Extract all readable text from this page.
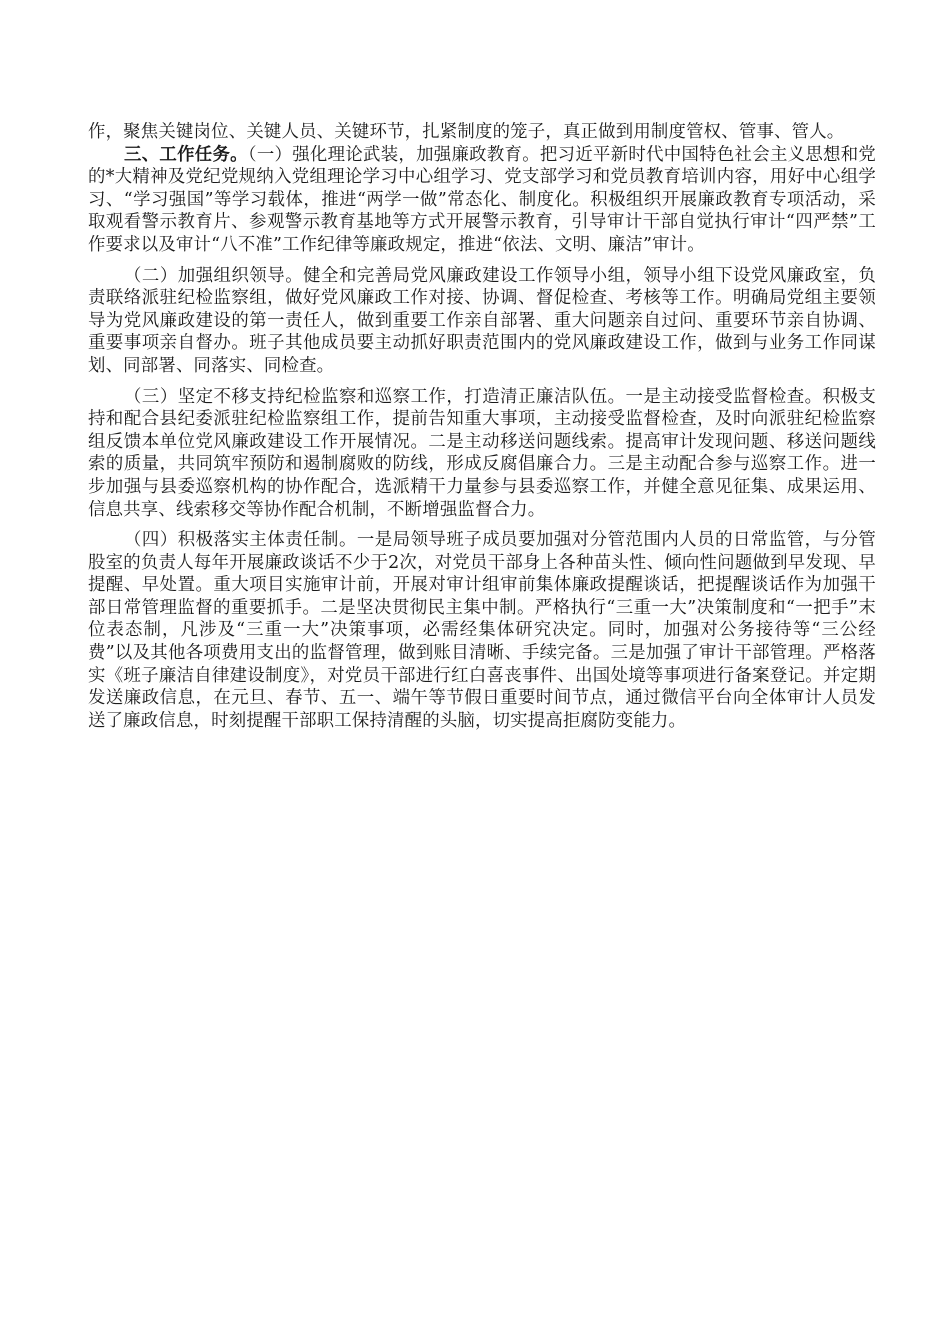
作，聚焦关键岗位、关键人员、关键环节，扎紧制度的笼子，真正做到用制度管权、管事、管人。

三、工作任务。（一）强化理论武装，加强廉政教育。把习近平新时代中国特色社会主义思想和党的*大精神及党纪党规纳入党组理论学习中心组学习、党支部学习和党员教育培训内容，用好中心组学习、“学习强国”等学习载体，推进“两学一做”常态化、制度化。积极组织开展廉政教育专项活动，采取观看警示教育片、参观警示教育基地等方式开展警示教育，引导审计干部自觉执行审计“四严禁”工作要求以及审计“八不准”工作纪律等廉政规定，推进“依法、文明、廉洁”审计。

（二）加强组织领导。健全和完善局党风廉政建设工作领导小组，领导小组下设党风廉政室，负责联络派驻纪检监察组，做好党风廉政工作对接、协调、督促检查、考核等工作。明确局党组主要领导为党风廉政建设的第一责任人，做到重要工作亲自部署、重大问题亲自过问、重要环节亲自协调、重要事项亲自督办。班子其他成员要主动抓好职责范围内的党风廉政建设工作，做到与业务工作同谋划、同部署、同落实、同检查。

（三）坚定不移支持纪检监察和巡察工作，打造清正廉洁队伍。一是主动接受监督检查。积极支持和配合县纪委派驻纪检监察组工作，提前告知重大事项，主动接受监督检查，及时向派驻纪检监察组反馈本单位党风廉政建设工作开展情况。二是主动移送问题线索。提高审计发现问题、移送问题线索的质量，共同筑牢预防和遏制腐败的防线，形成反腐倡廉合力。三是主动配合参与巡察工作。进一步加强与县委巡察机构的协作配合，选派精干力量参与县委巡察工作，并健全意见征集、成果运用、信息共享、线索移交等协作配合机制，不断增强监督合力。

（四）积极落实主体责任制。一是局领导班子成员要加强对分管范围内人员的日常监管，与分管股室的负责人每年开展廉政谈话不少于2次，对党员干部身上各种苗头性、倾向性问题做到早发现、早提醒、早处置。重大项目实施审计前，开展对审计组审前集体廉政提醒谈话，把提醒谈话作为加强干部日常管理监督的重要抓手。二是坚决贯彻民主集中制。严格执行“三重一大”决策制度和“一把手”末位表态制，凡涉及“三重一大”决策事项，必需经集体研究决定。同时，加强对公务接待等“三公经费”以及其他各项费用支出的监督管理，做到账目清晰、手续完备。三是加强了审计干部管理。严格落实《班子廉洁自律建设制度》，对党员干部进行红白喜丧事件、出国处境等事项进行备案登记。并定期发送廉政信息，在元旦、春节、五一、端午等节假日重要时间节点，通过微信平台向全体审计人员发送了廉政信息，时刻提醒干部职工保持清醒的头脑，切实提高拒腐防变能力。
